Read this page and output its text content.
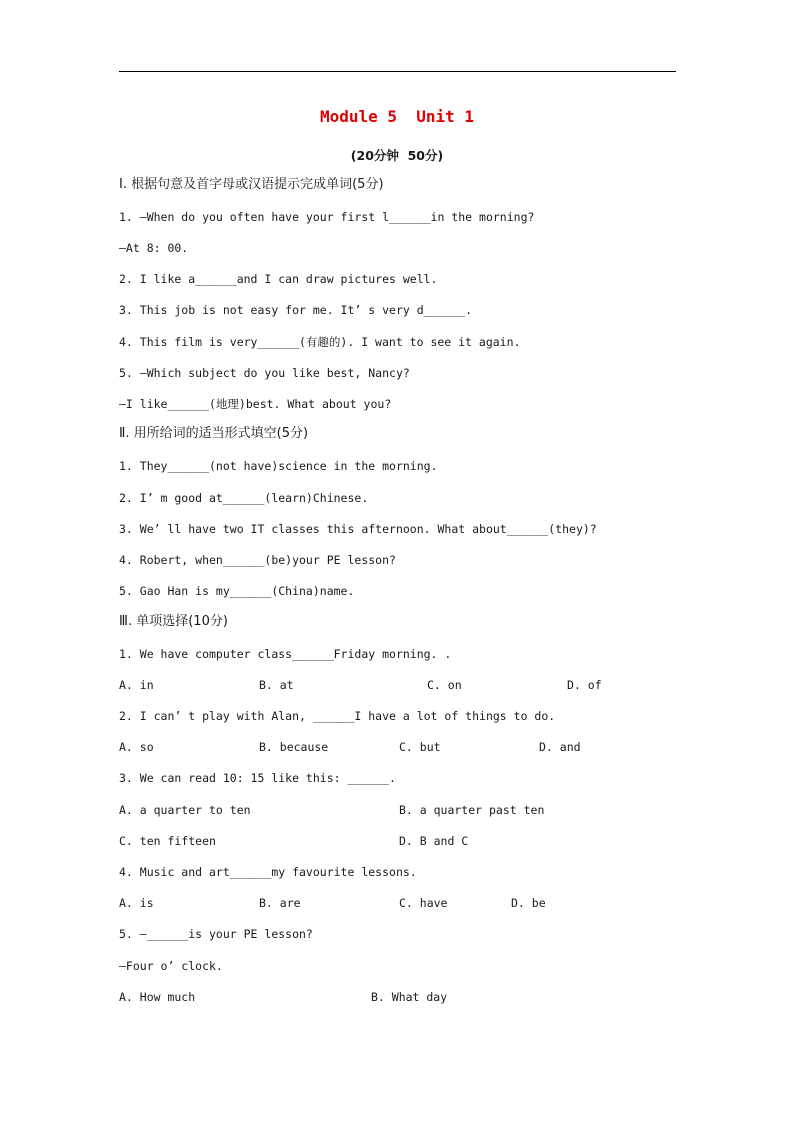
Module 5  Unit 1
(20分钟  50分)
Ⅰ. 根据句意及首字母或汉语提示完成单词(5分)
1. —When do you often have your first l______in the morning?
—At 8: 00.
2. I like a______and I can draw pictures well.
3. This job is not easy for me. It’ s very d______.
4. This film is very______(有趣的). I want to see it again.
5. —Which subject do you like best, Nancy?
—I like______(地理)best. What about you?
Ⅱ. 用所给词的适当形式填空(5分)
1. They______(not have)science in the morning.
2. I’ m good at______(learn)Chinese.
3. We’ ll have two IT classes this afternoon. What about______(they)?
4. Robert, when______(be)your PE lesson?
5. Gao Han is my______(China)name.
Ⅲ. 单项选择(10分)
1. We have computer class______Friday morning. .
A. in	B. at	C. on	D. of
2. I can’ t play with Alan, ______I have a lot of things to do.
A. so	B. because	C. but	D. and
3. We can read 10: 15 like this: ______.
A. a quarter to ten	B. a quarter past ten
C. ten fifteen	D. B and C
4. Music and art______my favourite lessons.
A. is	B. are	C. have	D. be
5. —______is your PE lesson?
—Four o’ clock.
A. How much	B. What day
